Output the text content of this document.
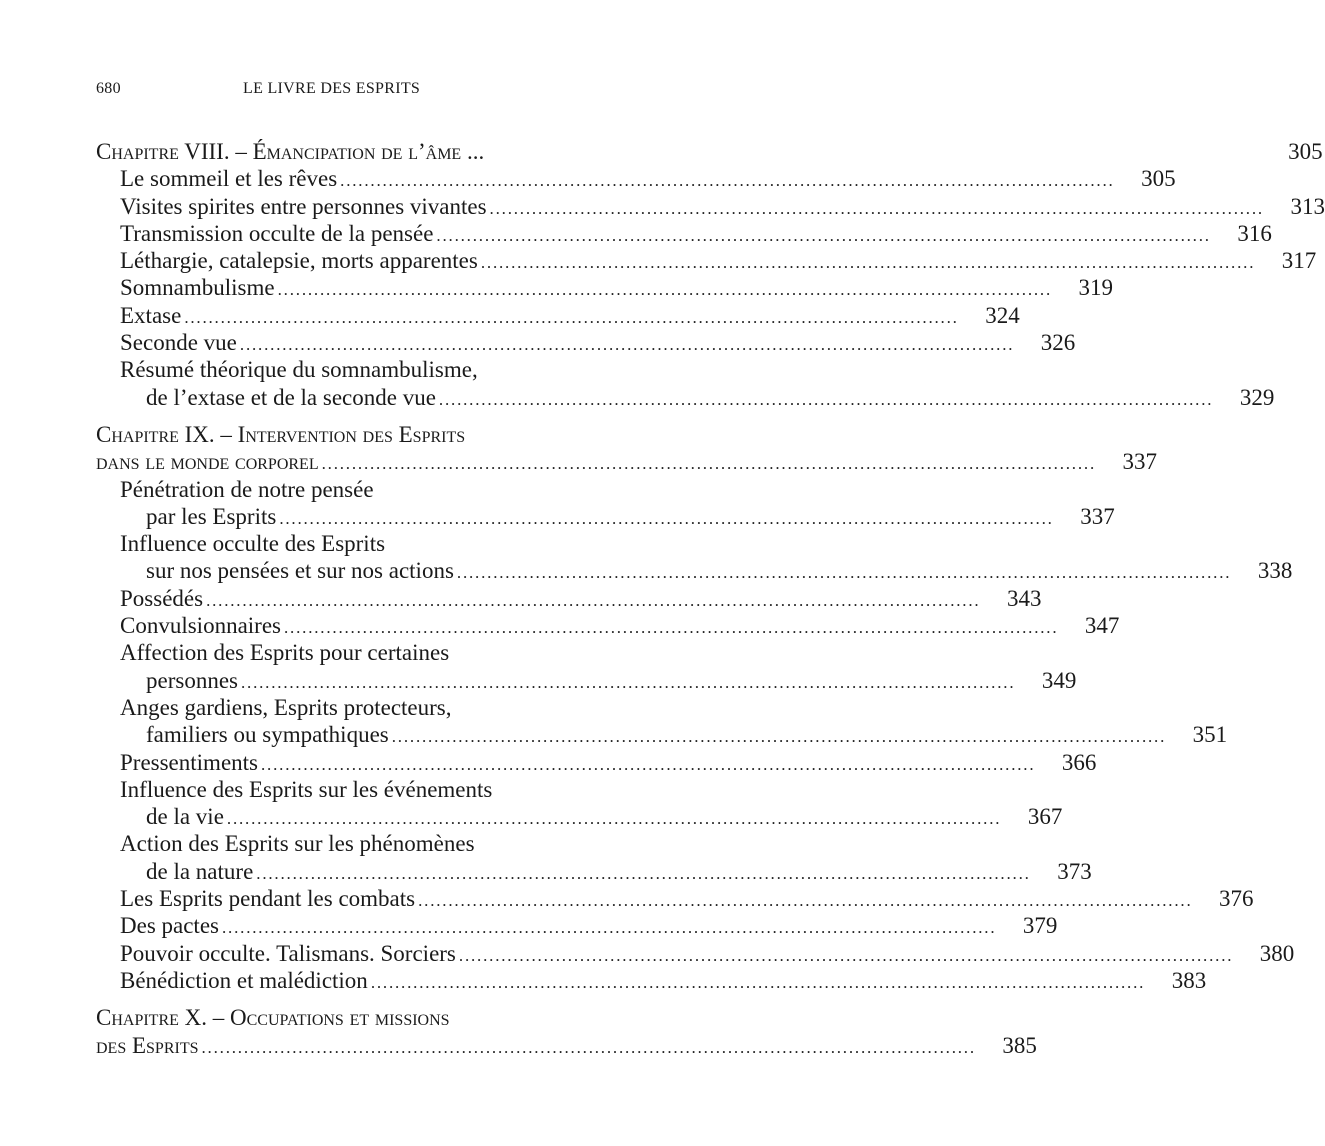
680	LE LIVRE DES ESPRITS
Chapitre VIII. – Émancipation de l’âme ...	305
Le sommeil et les rêves ................................................................................................................................	305
Visites spirites entre personnes vivantes ................................................................................................................................	313
Transmission occulte de la pensée ................................................................................................................................	316
Léthargie, catalepsie, morts apparentes ................................................................................................................................	317
Somnambulisme ................................................................................................................................	319
Extase ................................................................................................................................	324
Seconde vue ................................................................................................................................	326
Résumé théorique du somnambulisme,
de l’extase et de la seconde vue ................................................................................................................................	329
Chapitre IX. – Intervention des Esprits
dans le monde corporel ................................................................................................................................	337
Pénétration de notre pensée
par les Esprits ................................................................................................................................	337
Influence occulte des Esprits
sur nos pensées et sur nos actions ................................................................................................................................	338
Possédés ................................................................................................................................	343
Convulsionnaires ................................................................................................................................	347
Affection des Esprits pour certaines
personnes ................................................................................................................................	349
Anges gardiens, Esprits protecteurs,
familiers ou sympathiques ................................................................................................................................	351
Pressentiments ................................................................................................................................	366
Influence des Esprits sur les événements
de la vie ................................................................................................................................	367
Action des Esprits sur les phénomènes
de la nature ................................................................................................................................	373
Les Esprits pendant les combats ................................................................................................................................	376
Des pactes ................................................................................................................................	379
Pouvoir occulte. Talismans. Sorciers ................................................................................................................................	380
Bénédiction et malédiction ................................................................................................................................	383
Chapitre X. – Occupations et missions
des Esprits ................................................................................................................................	385
